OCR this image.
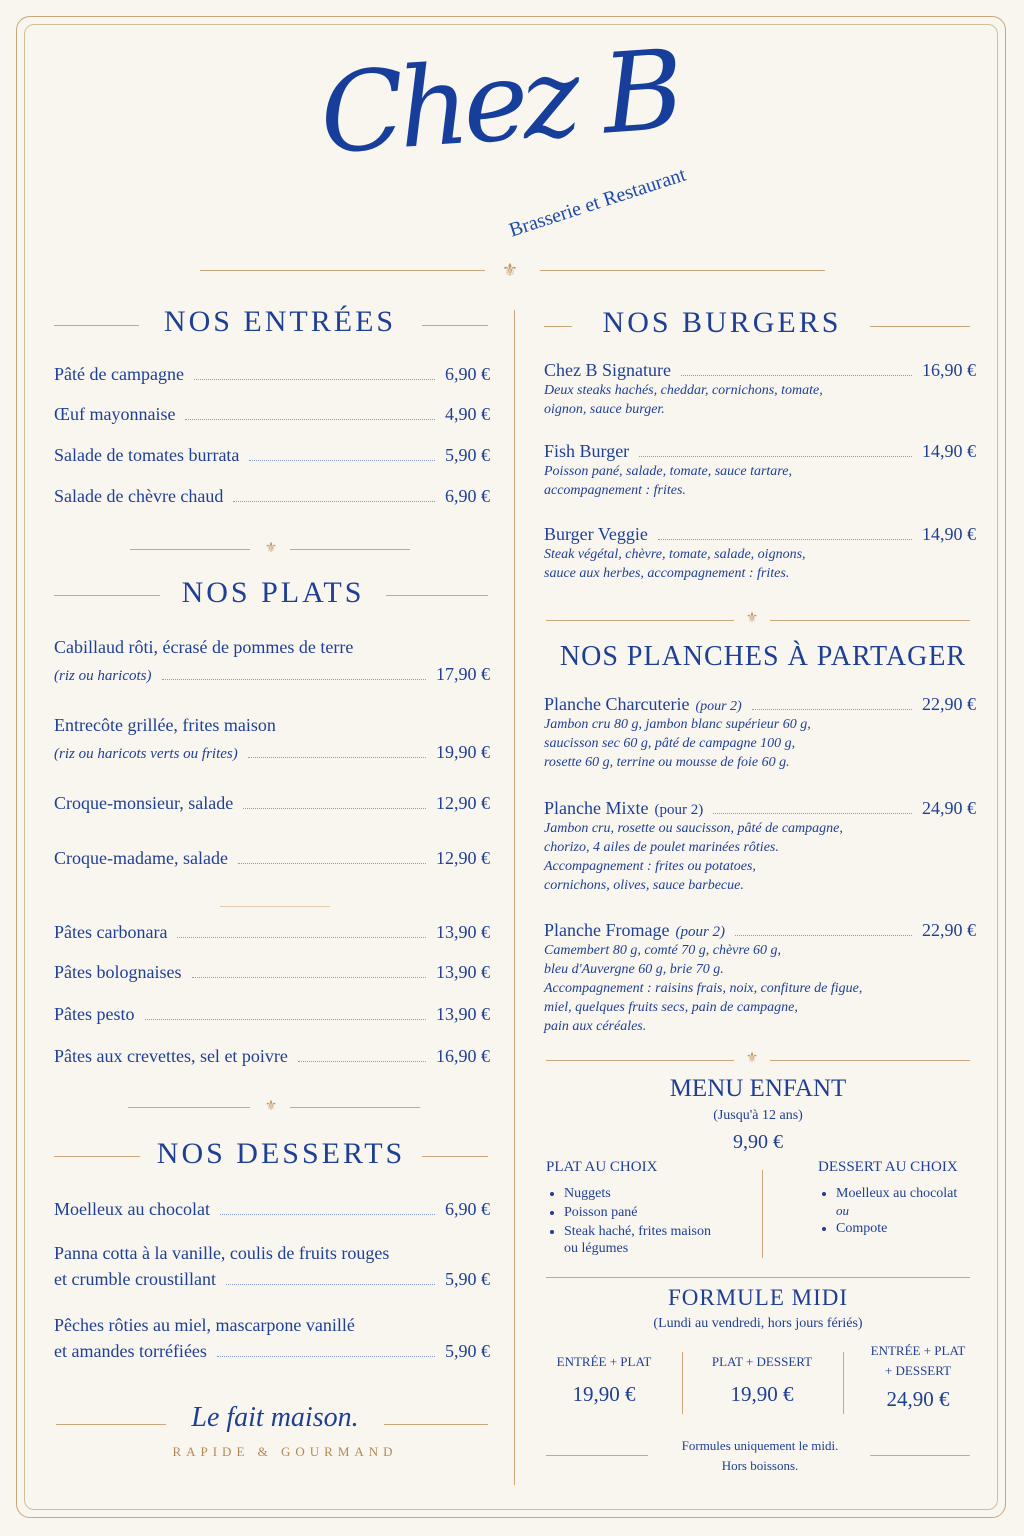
Chez B
Brasserie et Restaurant
⚜
NOS ENTRÉES
Pâté de campagne	6,90 €
Œuf mayonnaise	4,90 €
Salade de tomates burrata	5,90 €
Salade de chèvre chaud	6,90 €
⚜
NOS PLATS
Cabillaud rôti, écrasé de pommes de terre
(riz ou haricots)	17,90 €
Entrecôte grillée, frites maison
(riz ou haricots verts ou frites)	19,90 €
Croque-monsieur, salade	12,90 €
Croque-madame, salade	12,90 €
Pâtes carbonara	13,90 €
Pâtes bolognaises	13,90 €
Pâtes pesto	13,90 €
Pâtes aux crevettes, sel et poivre	16,90 €
⚜
NOS DESSERTS
Moelleux au chocolat	6,90 €
Panna cotta à la vanille, coulis de fruits rouges
et crumble croustillant	5,90 €
Pêches rôties au miel, mascarpone vanillé
et amandes torréfiées	5,90 €
Le fait maison.
RAPIDE & GOURMAND
NOS BURGERS
Chez B Signature	16,90 €
Deux steaks hachés, cheddar, cornichons, tomate,
oignon, sauce burger.
Fish Burger	14,90 €
Poisson pané, salade, tomate, sauce tartare,
accompagnement : frites.
Burger Veggie	14,90 €
Steak végétal, chèvre, tomate, salade, oignons,
sauce aux herbes, accompagnement : frites.
⚜
NOS PLANCHES À PARTAGER
Planche Charcuterie (pour 2)	22,90 €
Jambon cru 80 g, jambon blanc supérieur 60 g,
saucisson sec 60 g, pâté de campagne 100 g,
rosette 60 g, terrine ou mousse de foie 60 g.
Planche Mixte (pour 2)	24,90 €
Jambon cru, rosette ou saucisson, pâté de campagne,
chorizo, 4 ailes de poulet marinées rôties.
Accompagnement : frites ou potatoes,
cornichons, olives, sauce barbecue.
Planche Fromage (pour 2)	22,90 €
Camembert 80 g, comté 70 g, chèvre 60 g,
bleu d'Auvergne 60 g, brie 70 g.
Accompagnement : raisins frais, noix, confiture de figue,
miel, quelques fruits secs, pain de campagne,
pain aux céréales.
⚜
MENU ENFANT
(Jusqu'à 12 ans)
9,90 €
PLAT AU CHOIX
• Nuggets
• Poisson pané
• Steak haché, frites maison
ou légumes
DESSERT AU CHOIX
• Moelleux au chocolat
ou
• Compote
FORMULE MIDI
(Lundi au vendredi, hors jours fériés)
ENTRÉE + PLAT
19,90 €
PLAT + DESSERT
19,90 €
ENTRÉE + PLAT
+ DESSERT
24,90 €
Formules uniquement le midi.
Hors boissons.
